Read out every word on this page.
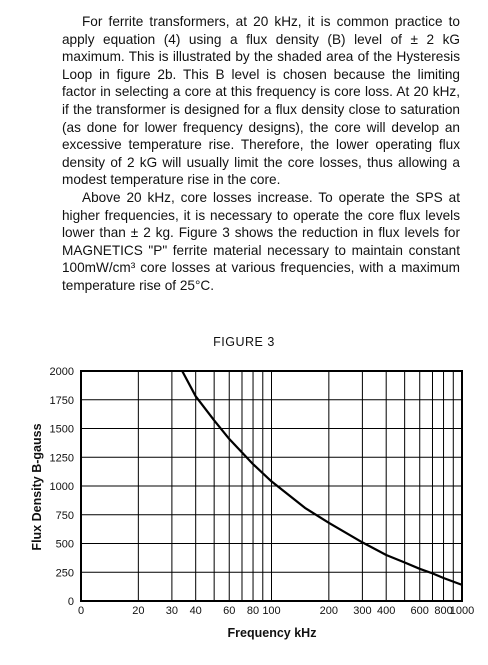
For ferrite transformers, at 20 kHz, it is common practice to apply equation (4) using a flux density (B) level of ± 2 kG maximum. This is illustrated by the shaded area of the Hysteresis Loop in figure 2b. This B level is chosen because the limiting factor in selecting a core at this frequency is core loss. At 20 kHz, if the transformer is designed for a flux density close to saturation (as done for lower frequency designs), the core will develop an excessive temperature rise. Therefore, the lower operating flux density of 2 kG will usually limit the core losses, thus allowing a modest temperature rise in the core.

Above 20 kHz, core losses increase. To operate the SPS at higher frequencies, it is necessary to operate the core flux levels lower than ± 2 kg. Figure 3 shows the reduction in flux levels for MAGNETICS "P" ferrite material necessary to maintain constant 100mW/cm³ core losses at various frequencies, with a maximum temperature rise of 25°C.

FIGURE 3
0
250
500
750
1000
1250
1500
1750
2000
0	20 30 40 60 80 100	200 300 400 600 800
1000
Flux Density B-gauss
Frequency kHz
